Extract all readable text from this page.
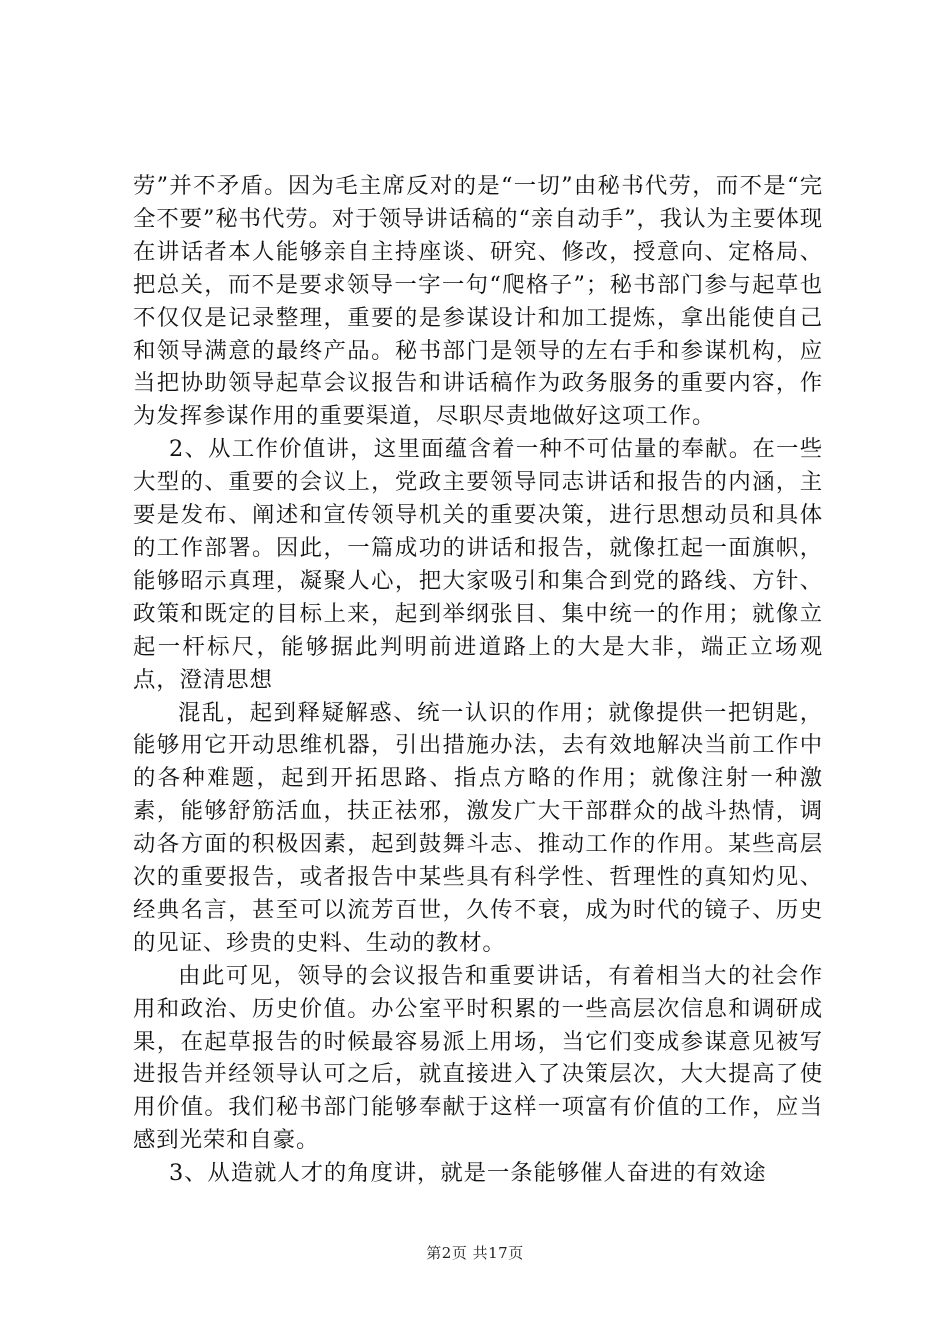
劳”并不矛盾。因为毛主席反对的是“一切”由秘书代劳，而不是“完全不要”秘书代劳。对于领导讲话稿的“亲自动手”，我认为主要体现在讲话者本人能够亲自主持座谈、研究、修改，授意向、定格局、把总关，而不是要求领导一字一句“爬格子”；秘书部门参与起草也不仅仅是记录整理，重要的是参谋设计和加工提炼，拿出能使自己和领导满意的最终产品。秘书部门是领导的左右手和参谋机构，应当把协助领导起草会议报告和讲话稿作为政务服务的重要内容，作为发挥参谋作用的重要渠道，尽职尽责地做好这项工作。

2、从工作价值讲，这里面蕴含着一种不可估量的奉献。在一些大型的、重要的会议上，党政主要领导同志讲话和报告的内涵，主要是发布、阐述和宣传领导机关的重要决策，进行思想动员和具体的工作部署。因此，一篇成功的讲话和报告，就像扛起一面旗帜，能够昭示真理，凝聚人心，把大家吸引和集合到党的路线、方针、政策和既定的目标上来，起到举纲张目、集中统一的作用；就像立起一杆标尺，能够据此判明前进道路上的大是大非，端正立场观点，澄清思想

混乱，起到释疑解惑、统一认识的作用；就像提供一把钥匙，能够用它开动思维机器，引出措施办法，去有效地解决当前工作中的各种难题，起到开拓思路、指点方略的作用；就像注射一种激素，能够舒筋活血，扶正祛邪，激发广大干部群众的战斗热情，调动各方面的积极因素，起到鼓舞斗志、推动工作的作用。某些高层次的重要报告，或者报告中某些具有科学性、哲理性的真知灼见、经典名言，甚至可以流芳百世，久传不衰，成为时代的镜子、历史的见证、珍贵的史料、生动的教材。

由此可见，领导的会议报告和重要讲话，有着相当大的社会作用和政治、历史价值。办公室平时积累的一些高层次信息和调研成果，在起草报告的时候最容易派上用场，当它们变成参谋意见被写进报告并经领导认可之后，就直接进入了决策层次，大大提高了使用价值。我们秘书部门能够奉献于这样一项富有价值的工作，应当感到光荣和自豪。

3、从造就人才的角度讲，就是一条能够催人奋进的有效途

第2页 共17页
